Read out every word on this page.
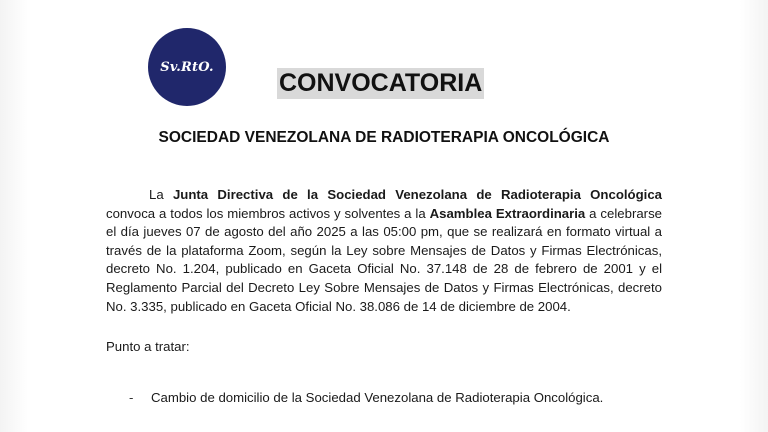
Sv.RtO.
CONVOCATORIA
SOCIEDAD VENEZOLANA DE RADIOTERAPIA ONCOLÓGICA

La Junta Directiva de la Sociedad Venezolana de Radioterapia Oncológica convoca a todos los miembros activos y solventes a la Asamblea Extraordinaria a celebrarse el día jueves 07 de agosto del año 2025 a las 05:00 pm, que se realizará en formato virtual a través de la plataforma Zoom, según la Ley sobre Mensajes de Datos y Firmas Electrónicas, decreto No. 1.204, publicado en Gaceta Oficial No. 37.148 de 28 de febrero de 2001 y el Reglamento Parcial del Decreto Ley Sobre Mensajes de Datos y Firmas Electrónicas, decreto No. 3.335, publicado en Gaceta Oficial No. 38.086 de 14 de diciembre de 2004.

Punto a tratar:
- Cambio de domicilio de la Sociedad Venezolana de Radioterapia Oncológica.
